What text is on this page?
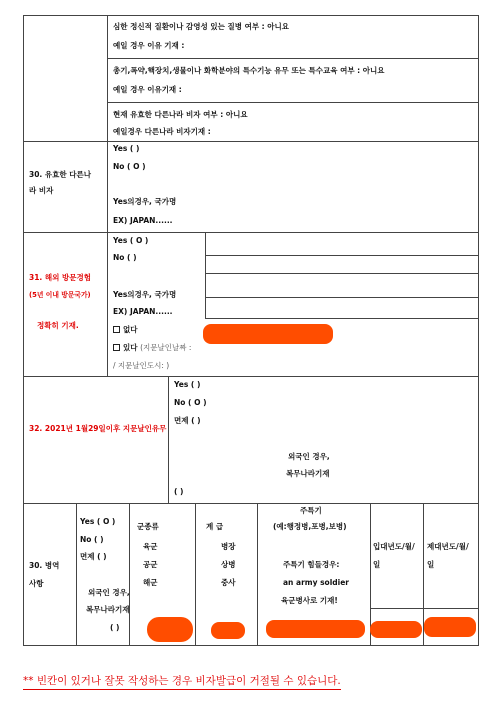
심한 정신적 질환이나 감영성 있는 질병 여부 : 아니요
예일 경우 이유 기재 :
총기,폭약,핵장치,생물이나 화학분야의 특수기능 유무 또는 특수교육 여부 : 아니요
예일 경우 이유기재 :
현재 유효한 다른나라 비자 여부 : 아니요
예일경우 다른나라 비자기재 :
30. 유효한 다른나
라 비자
Yes ( )
No ( O )
Yes의경우, 국가명
EX) JAPAN......
31. 해외 방문경험
(5년 이내 방문국가)
정확히 기재.
Yes ( O )
No ( )
Yes의경우, 국가명
EX) JAPAN......
없다
있다 (지문날인날짜 :
/ 지문날인도시: )
32. 2021년 1월29일이후 지문날인유무
Yes ( )
No ( O )
면제 ( )
외국인 경우,
복무나라기재
( )
30. 병역
사항
Yes ( O )
No ( )
면제 ( )
외국인 경우,
복무나라기재
( )
군종류
육군
공군
해군
계 급
병장
상병
중사
주특기
(예:행정병,포병,보병)
주특기 힘들경우:
an army soldier
육군병사로 기재!
입대년도/월/
일
제대년도/월/
일
** 빈칸이 있거나 잘못 작성하는 경우 비자발급이 거절될 수 있습니다.
